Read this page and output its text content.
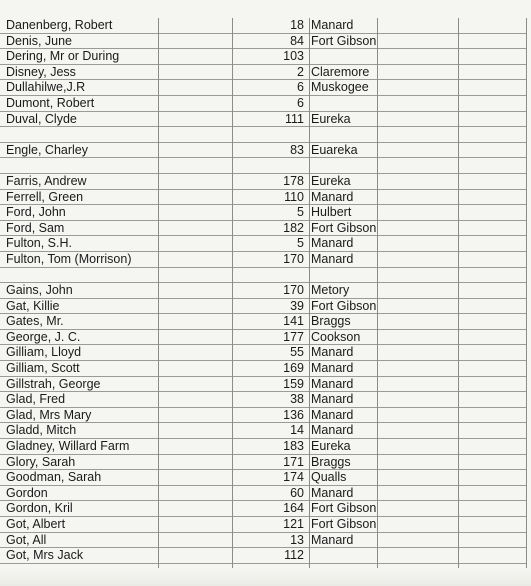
Danenberg, Robert	18 Manard
Denis, June	84 Fort Gibson
Dering, Mr or During	103
Disney, Jess	2 Claremore
Dullahilwe,J.R	6 Muskogee
Dumont, Robert	6
Duval, Clyde	111 Eureka
Engle, Charley	83 Euareka
Farris, Andrew	178 Eureka
Ferrell, Green	110 Manard
Ford, John	5 Hulbert
Ford, Sam	182 Fort Gibson
Fulton, S.H.	5 Manard
Fulton, Tom (Morrison)	170 Manard
Gains, John	170 Metory
Gat, Killie	39 Fort Gibson
Gates, Mr.	141 Braggs
George, J. C.	177 Cookson
Gilliam, Lloyd	55 Manard
Gilliam, Scott	169 Manard
Gillstrah, George	159 Manard
Glad, Fred	38 Manard
Glad, Mrs Mary	136 Manard
Gladd, Mitch	14 Manard
Gladney, Willard Farm	183 Eureka
Glory, Sarah	171 Braggs
Goodman, Sarah	174 Qualls
Gordon	60 Manard
Gordon, Kril	164 Fort Gibson
Got, Albert	121 Fort Gibson
Got, All	13 Manard
Got, Mrs Jack	112
